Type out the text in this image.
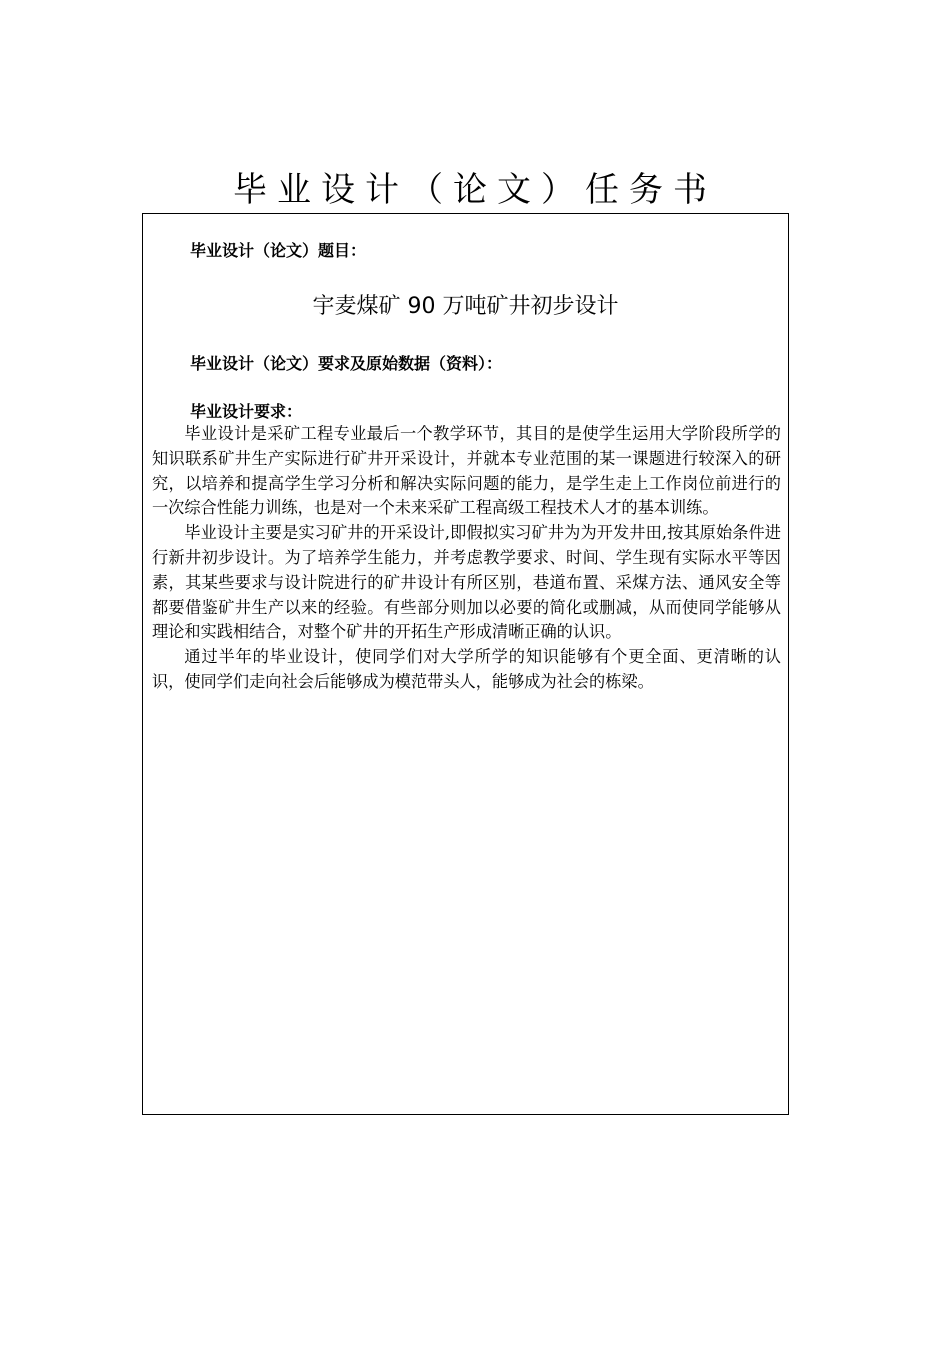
毕业设计（论文）任务书
毕业设计（论文）题目：
宇麦煤矿 90 万吨矿井初步设计
毕业设计（论文）要求及原始数据（资料）：
毕业设计要求：

毕业设计是采矿工程专业最后一个教学环节，其目的是使学生运用大学阶段所学的知识联系矿井生产实际进行矿井开采设计，并就本专业范围的某一课题进行较深入的研究，以培养和提高学生学习分析和解决实际问题的能力，是学生走上工作岗位前进行的一次综合性能力训练，也是对一个未来采矿工程高级工程技术人才的基本训练。

毕业设计主要是实习矿井的开采设计,即假拟实习矿井为为开发井田,按其原始条件进行新井初步设计。为了培养学生能力，并考虑教学要求、时间、学生现有实际水平等因素，其某些要求与设计院进行的矿井设计有所区别，巷道布置、采煤方法、通风安全等都要借鉴矿井生产以来的经验。有些部分则加以必要的简化或删减，从而使同学能够从理论和实践相结合，对整个矿井的开拓生产形成清晰正确的认识。

通过半年的毕业设计，使同学们对大学所学的知识能够有个更全面、更清晰的认识，使同学们走向社会后能够成为模范带头人，能够成为社会的栋梁。
